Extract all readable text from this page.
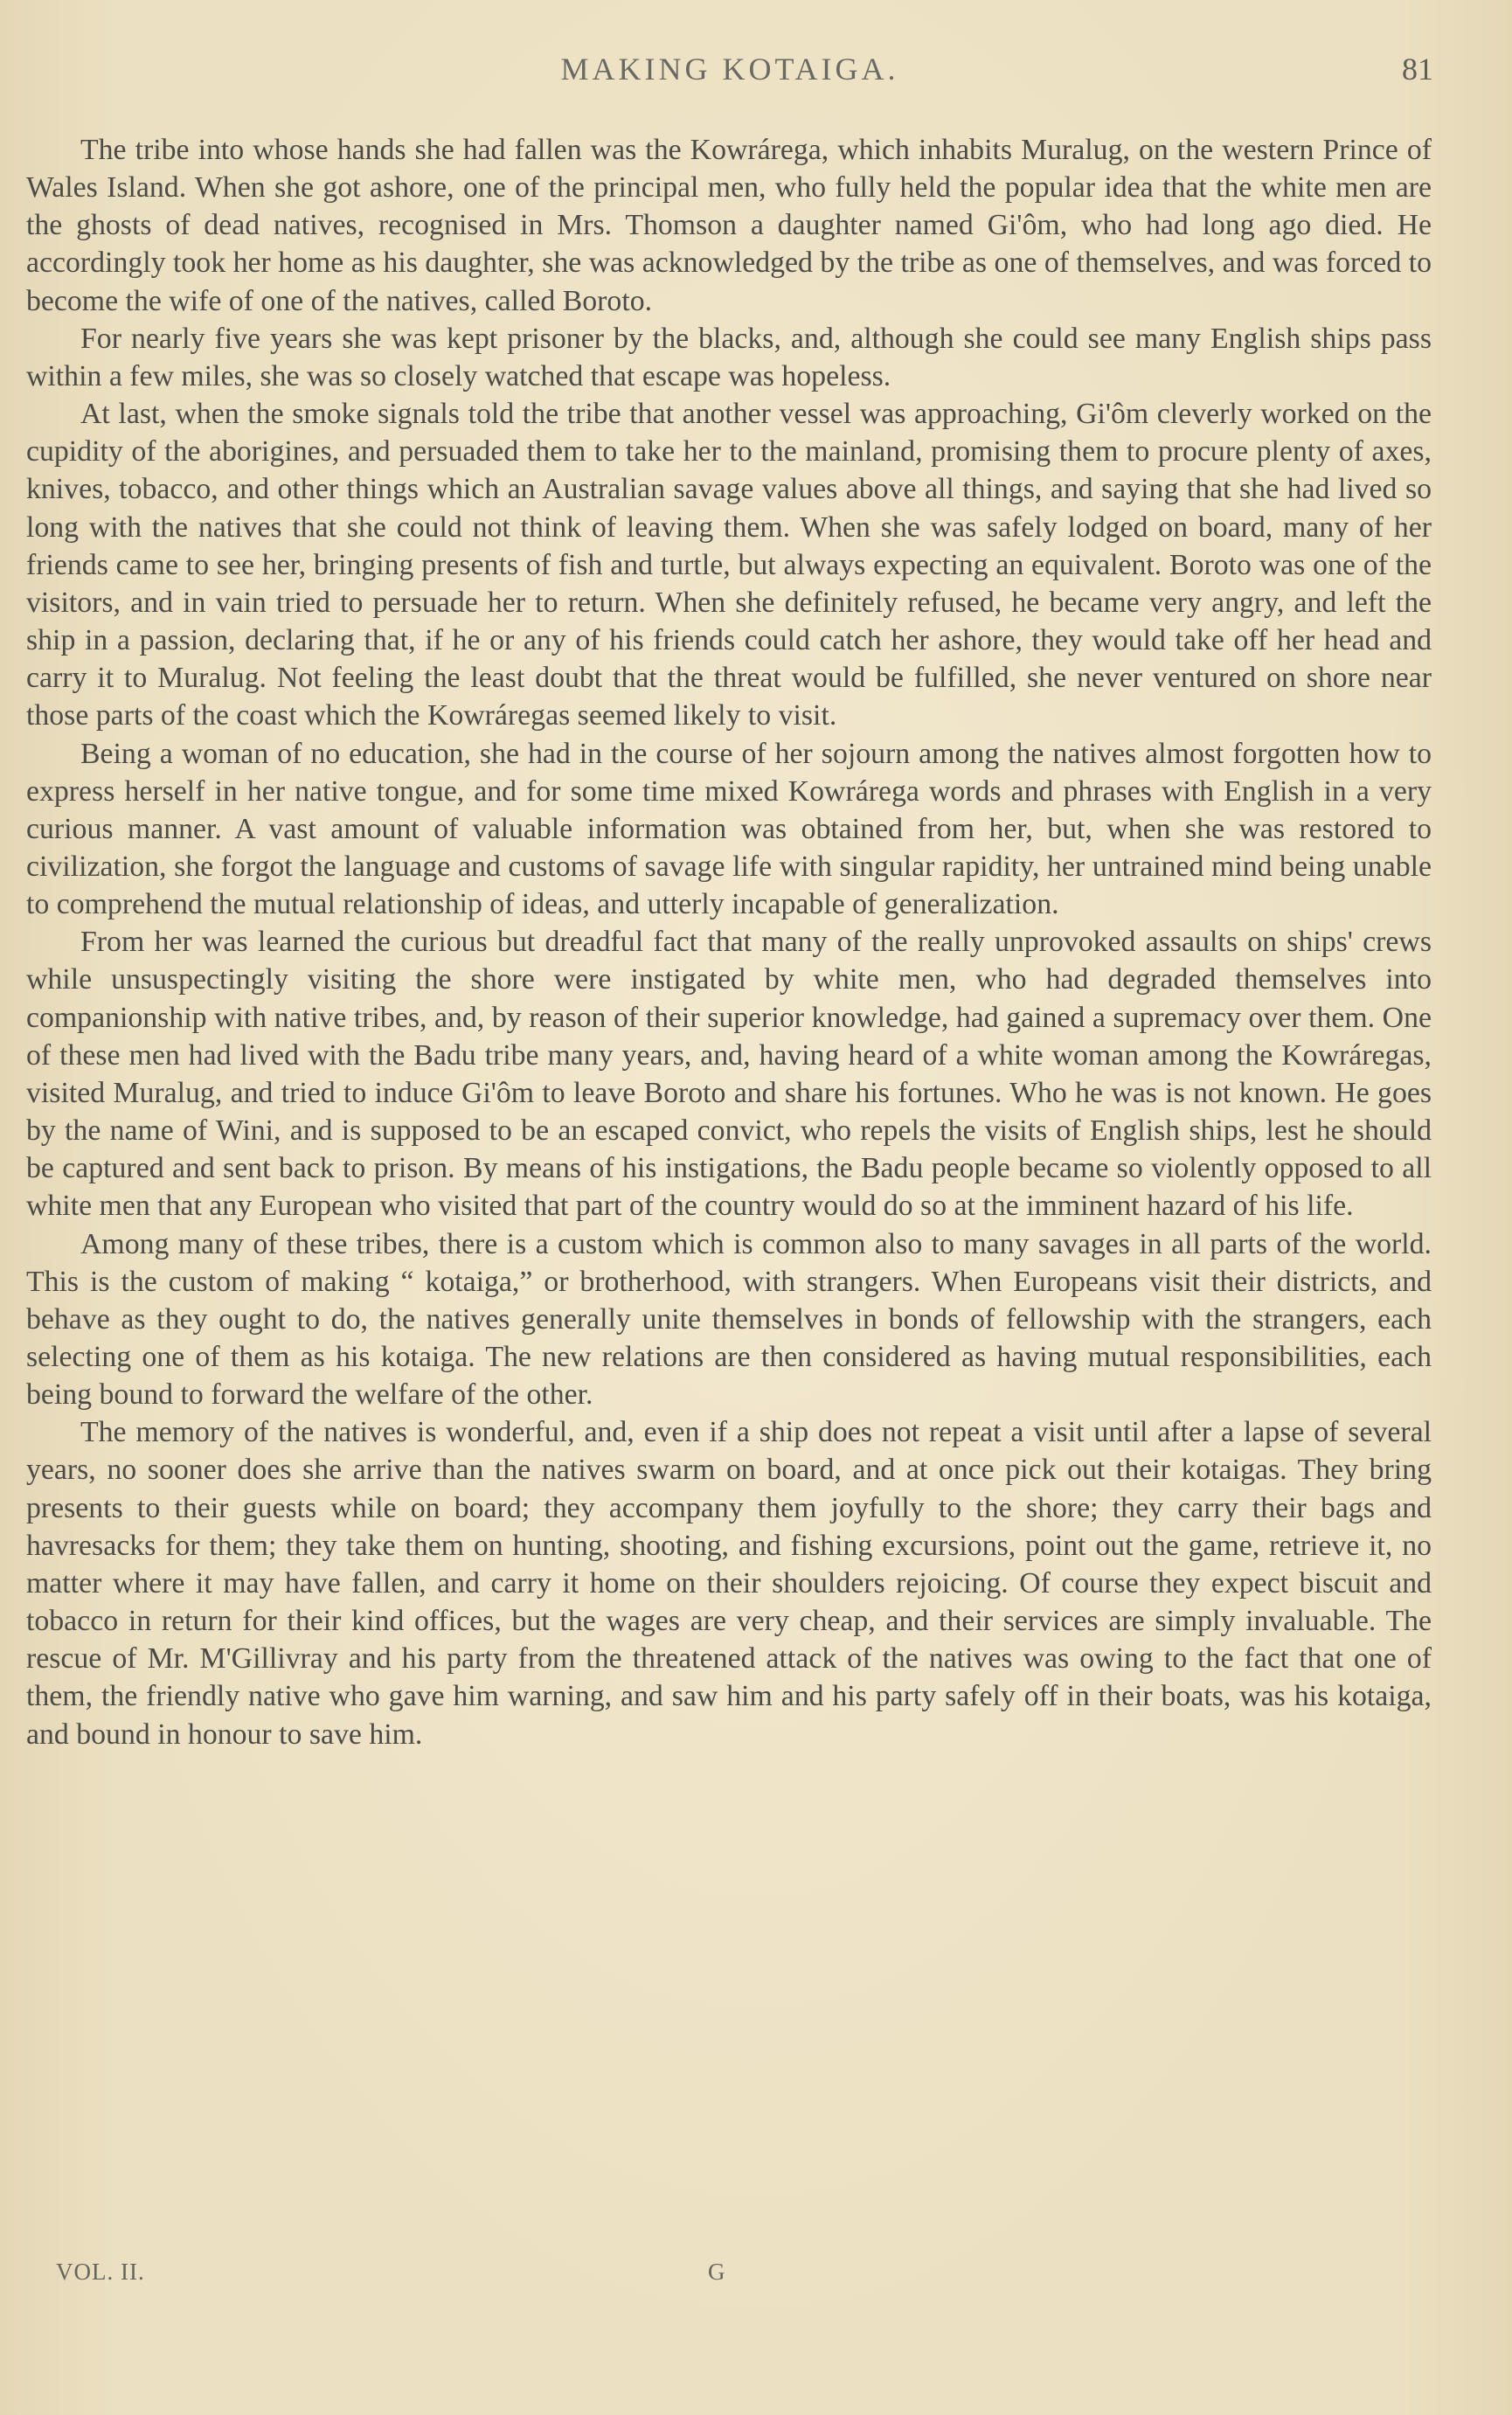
MAKING KOTAIGA.	81

The tribe into whose hands she had fallen was the Kowrárega, which inhabits Muralug, on the western Prince of Wales Island. When she got ashore, one of the principal men, who fully held the popular idea that the white men are the ghosts of dead natives, recognised in Mrs. Thomson a daughter named Gi'ôm, who had long ago died. He accordingly took her home as his daughter, she was acknowledged by the tribe as one of themselves, and was forced to become the wife of one of the natives, called Boroto.

For nearly five years she was kept prisoner by the blacks, and, although she could see many English ships pass within a few miles, she was so closely watched that escape was hopeless.

At last, when the smoke signals told the tribe that another vessel was approaching, Gi'ôm cleverly worked on the cupidity of the aborigines, and persuaded them to take her to the mainland, promising them to procure plenty of axes, knives, tobacco, and other things which an Australian savage values above all things, and saying that she had lived so long with the natives that she could not think of leaving them. When she was safely lodged on board, many of her friends came to see her, bringing presents of fish and turtle, but always expecting an equivalent. Boroto was one of the visitors, and in vain tried to persuade her to return. When she definitely refused, he became very angry, and left the ship in a passion, declaring that, if he or any of his friends could catch her ashore, they would take off her head and carry it to Muralug. Not feeling the least doubt that the threat would be fulfilled, she never ventured on shore near those parts of the coast which the Kowráregas seemed likely to visit.

Being a woman of no education, she had in the course of her sojourn among the natives almost forgotten how to express herself in her native tongue, and for some time mixed Kowrárega words and phrases with English in a very curious manner. A vast amount of valuable information was obtained from her, but, when she was restored to civilization, she forgot the language and customs of savage life with singular rapidity, her untrained mind being unable to comprehend the mutual relationship of ideas, and utterly incapable of generalization.

From her was learned the curious but dreadful fact that many of the really unprovoked assaults on ships' crews while unsuspectingly visiting the shore were instigated by white men, who had degraded themselves into companionship with native tribes, and, by reason of their superior knowledge, had gained a supremacy over them. One of these men had lived with the Badu tribe many years, and, having heard of a white woman among the Kowráregas, visited Muralug, and tried to induce Gi'ôm to leave Boroto and share his fortunes. Who he was is not known. He goes by the name of Wini, and is supposed to be an escaped convict, who repels the visits of English ships, lest he should be captured and sent back to prison. By means of his instigations, the Badu people became so violently opposed to all white men that any European who visited that part of the country would do so at the imminent hazard of his life.

Among many of these tribes, there is a custom which is common also to many savages in all parts of the world. This is the custom of making “ kotaiga,” or brotherhood, with strangers. When Europeans visit their districts, and behave as they ought to do, the natives generally unite themselves in bonds of fellowship with the strangers, each selecting one of them as his kotaiga. The new relations are then considered as having mutual responsibilities, each being bound to forward the welfare of the other.

The memory of the natives is wonderful, and, even if a ship does not repeat a visit until after a lapse of several years, no sooner does she arrive than the natives swarm on board, and at once pick out their kotaigas. They bring presents to their guests while on board; they accompany them joyfully to the shore; they carry their bags and havresacks for them; they take them on hunting, shooting, and fishing excursions, point out the game, retrieve it, no matter where it may have fallen, and carry it home on their shoulders rejoicing. Of course they expect biscuit and tobacco in return for their kind offices, but the wages are very cheap, and their services are simply invaluable. The rescue of Mr. M'Gillivray and his party from the threatened attack of the natives was owing to the fact that one of them, the friendly native who gave him warning, and saw him and his party safely off in their boats, was his kotaiga, and bound in honour to save him.

VOL. II.	G
